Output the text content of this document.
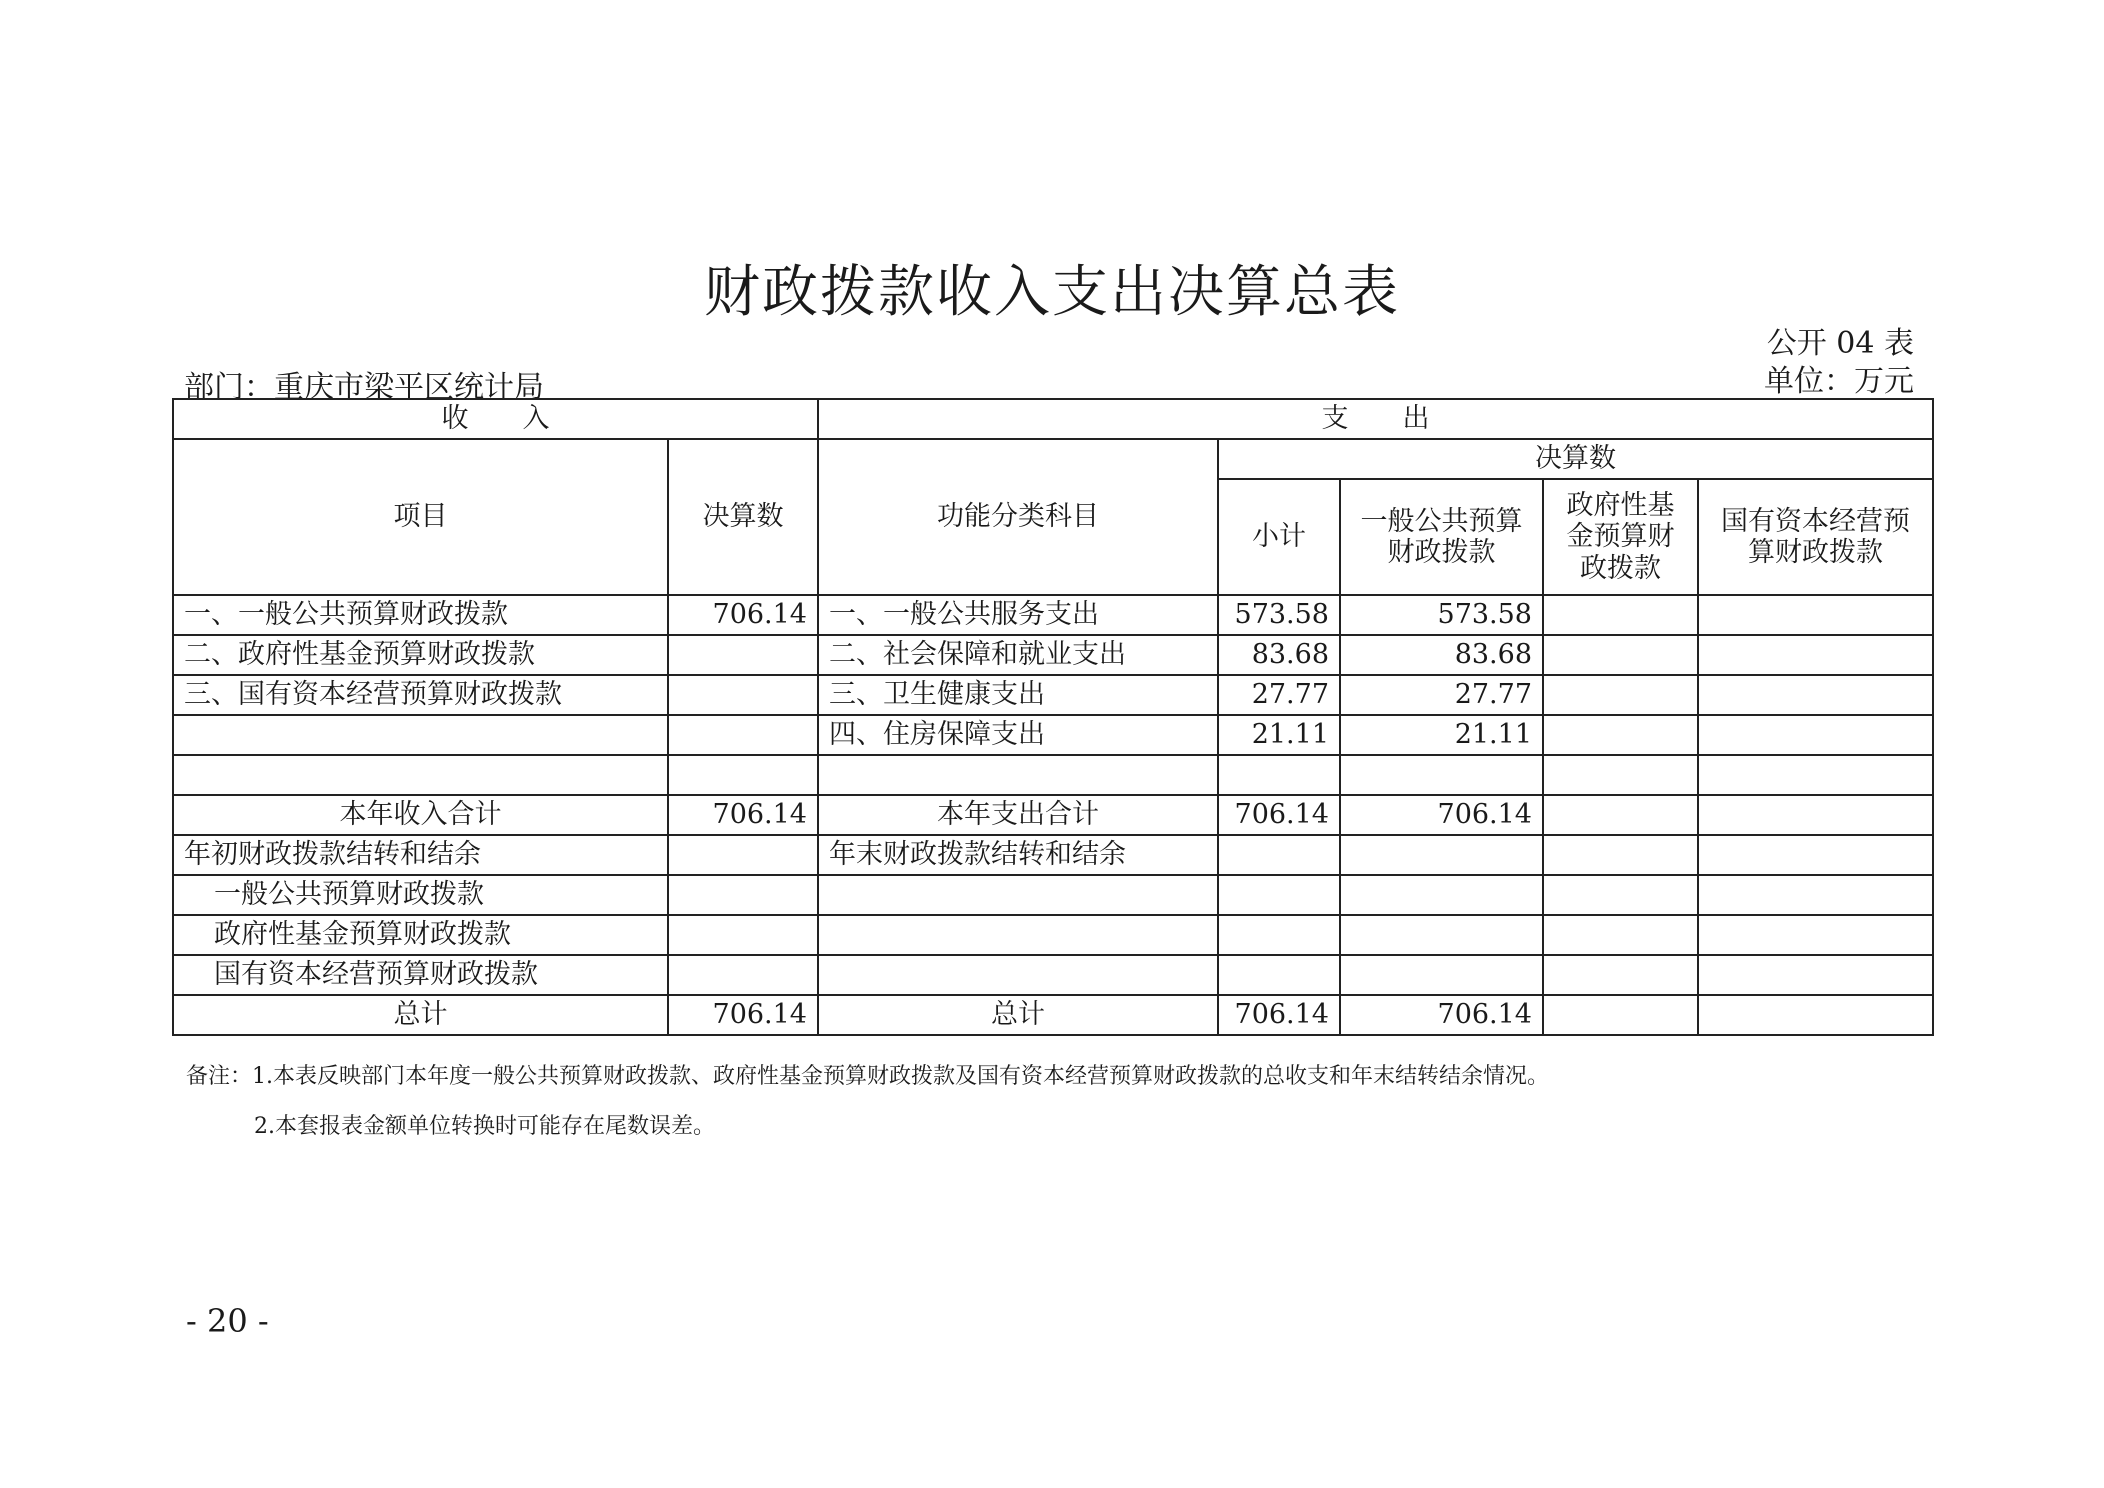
财政拨款收入支出决算总表
公开 04 表
部门：重庆市梁平区统计局	单位：万元
收　　入		支　　出				
项目	决算数	功能分类科目	决算数			
			小计	一般公共预算财政拨款	政府性基金预算财政拨款	国有资本经营预算财政拨款
一、一般公共预算财政拨款	706.14	一、一般公共服务支出	573.58	573.58		
二、政府性基金预算财政拨款		二、社会保障和就业支出	83.68	83.68		
三、国有资本经营预算财政拨款		三、卫生健康支出	27.77	27.77		
		四、住房保障支出	21.11	21.11		

本年收入合计	706.14	本年支出合计	706.14	706.14		
年初财政拨款结转和结余		年末财政拨款结转和结余				
一般公共预算财政拨款						
政府性基金预算财政拨款						
国有资本经营预算财政拨款						
总计	706.14	总计	706.14	706.14		
备注：1.本表反映部门本年度一般公共预算财政拨款、政府性基金预算财政拨款及国有资本经营预算财政拨款的总收支和年末结转结余情况。
2.本套报表金额单位转换时可能存在尾数误差。
- 20 -
